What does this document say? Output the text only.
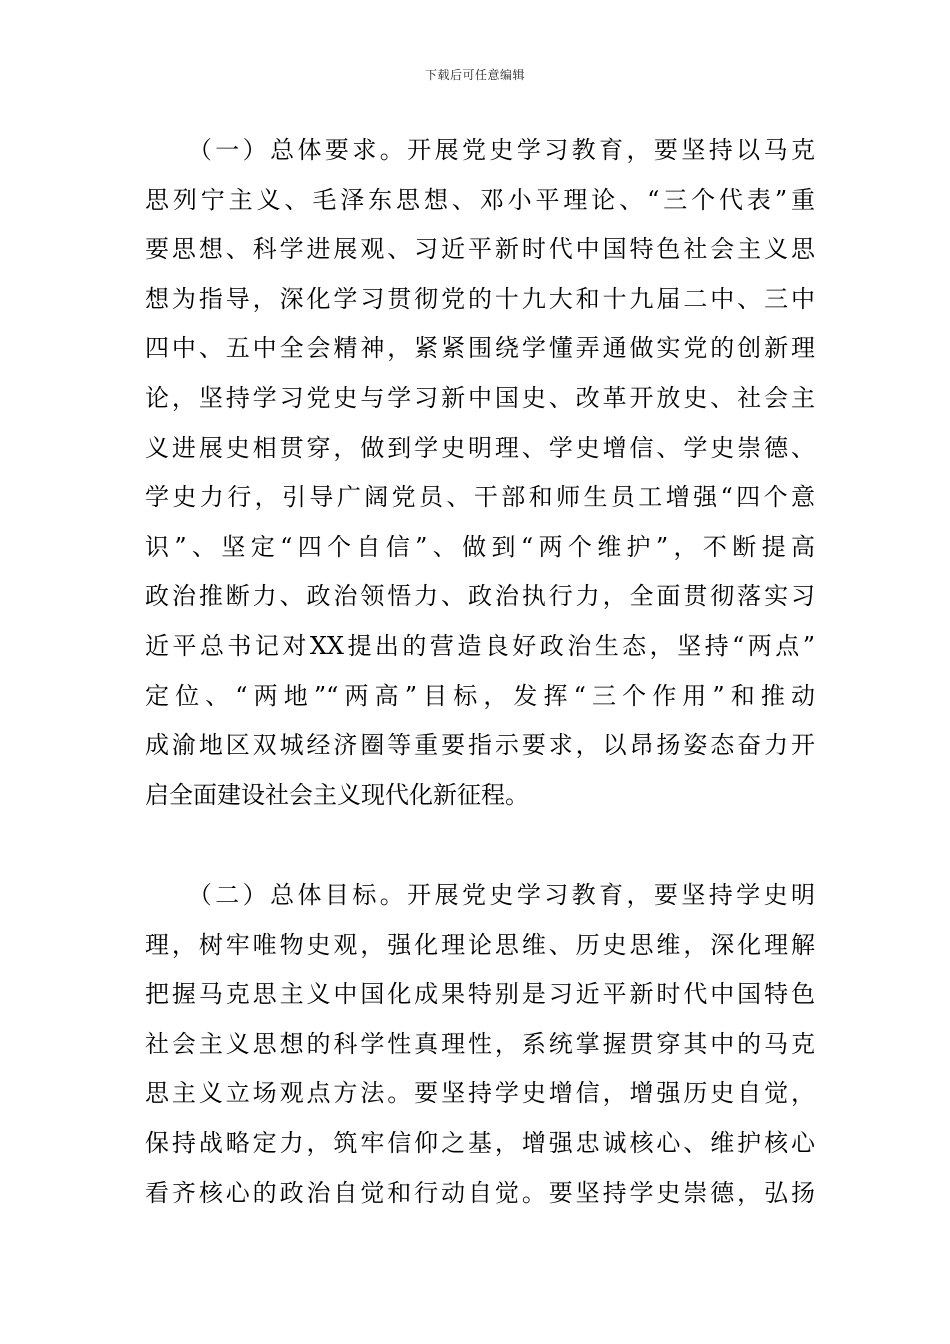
下载后可任意编辑
　　（一）总体要求。开展党史学习教育，要坚持以马克
思列宁主义、毛泽东思想、邓小平理论、“三个代表”重
要思想、科学进展观、习近平新时代中国特色社会主义思
想为指导，深化学习贯彻党的十九大和十九届二中、三中
四中、五中全会精神，紧紧围绕学懂弄通做实党的创新理
论，坚持学习党史与学习新中国史、改革开放史、社会主
义进展史相贯穿，做到学史明理、学史增信、学史崇德、
学史力行，引导广阔党员、干部和师生员工增强“四个意
识”、坚定“四个自信”、做到“两个维护”，不断提高
政治推断力、政治领悟力、政治执行力，全面贯彻落实习
近平总书记对XX提出的营造良好政治生态，坚持“两点”
定位、“两地”“两高”目标，发挥“三个作用”和推动
成渝地区双城经济圈等重要指示要求，以昂扬姿态奋力开
启全面建设社会主义现代化新征程。
　　（二）总体目标。开展党史学习教育，要坚持学史明
理，树牢唯物史观，强化理论思维、历史思维，深化理解
把握马克思主义中国化成果特别是习近平新时代中国特色
社会主义思想的科学性真理性，系统掌握贯穿其中的马克
思主义立场观点方法。要坚持学史增信，增强历史自觉，
保持战略定力，筑牢信仰之基，增强忠诚核心、维护核心
看齐核心的政治自觉和行动自觉。要坚持学史崇德，弘扬
